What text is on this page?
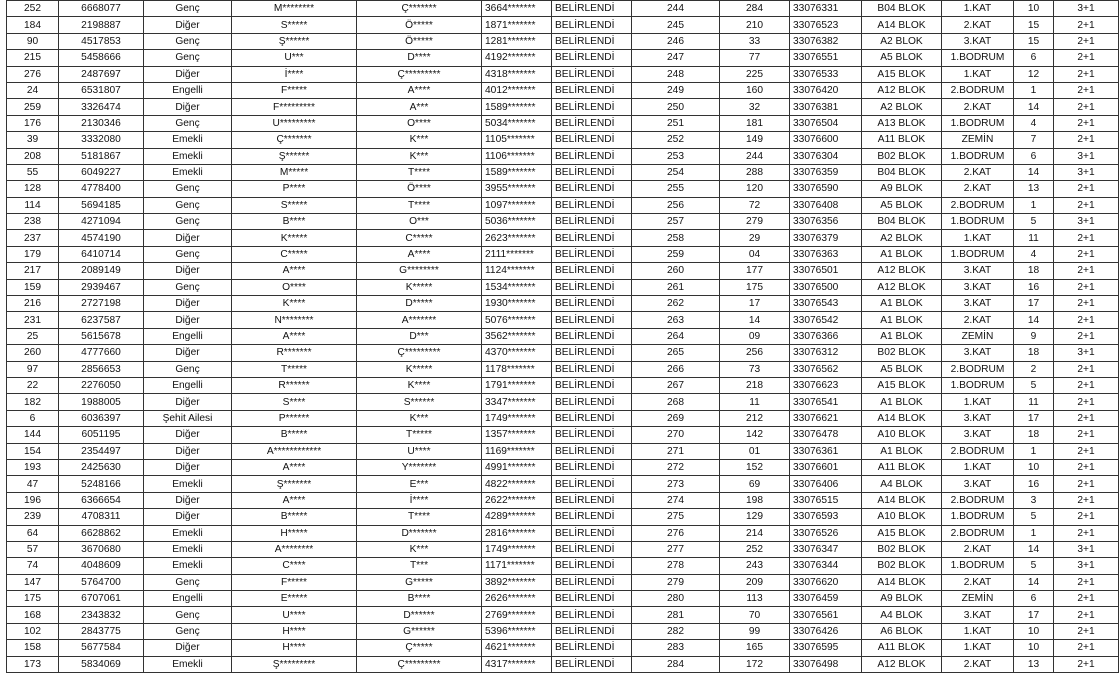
252	6668077	Genç	M********	Ç*******	3664*******	BELİRLENDİ	244	284	33076331	B04 BLOK	1.KAT	10	3+1
184	2198887	Diğer	S*****	Ö*****	1871*******	BELİRLENDİ	245	210	33076523	A14 BLOK	2.KAT	15	2+1
90	4517853	Genç	Ş******	Ö*****	1281*******	BELİRLENDİ	246	33	33076382	A2 BLOK	3.KAT	15	2+1
215	5458666	Genç	U***	D****	4192*******	BELİRLENDİ	247	77	33076551	A5 BLOK	1.BODRUM	6	2+1
276	2487697	Diğer	İ****	Ç*********	4318*******	BELİRLENDİ	248	225	33076533	A15 BLOK	1.KAT	12	2+1
24	6531807	Engelli	F*****	A****	4012*******	BELİRLENDİ	249	160	33076420	A12 BLOK	2.BODRUM	1	2+1
259	3326474	Diğer	F*********	A***	1589*******	BELİRLENDİ	250	32	33076381	A2 BLOK	2.KAT	14	2+1
176	2130346	Genç	U*********	O****	5034*******	BELİRLENDİ	251	181	33076504	A13 BLOK	1.BODRUM	4	2+1
39	3332080	Emekli	Ç*******	K***	1105*******	BELİRLENDİ	252	149	33076600	A11 BLOK	ZEMİN	7	2+1
208	5181867	Emekli	Ş******	K***	1106*******	BELİRLENDİ	253	244	33076304	B02 BLOK	1.BODRUM	6	3+1
55	6049227	Emekli	M*****	T****	1589*******	BELİRLENDİ	254	288	33076359	B04 BLOK	2.KAT	14	3+1
128	4778400	Genç	P****	Ö****	3955*******	BELİRLENDİ	255	120	33076590	A9 BLOK	2.KAT	13	2+1
114	5694185	Genç	S*****	T****	1097*******	BELİRLENDİ	256	72	33076408	A5 BLOK	2.BODRUM	1	2+1
238	4271094	Genç	B****	O***	5036*******	BELİRLENDİ	257	279	33076356	B04 BLOK	1.BODRUM	5	3+1
237	4574190	Diğer	K*****	C*****	2623*******	BELİRLENDİ	258	29	33076379	A2 BLOK	1.KAT	11	2+1
179	6410714	Genç	C*****	A****	2111*******	BELİRLENDİ	259	04	33076363	A1 BLOK	1.BODRUM	4	2+1
217	2089149	Diğer	A****	G********	1124*******	BELİRLENDİ	260	177	33076501	A12 BLOK	3.KAT	18	2+1
159	2939467	Genç	O****	K*****	1534*******	BELİRLENDİ	261	175	33076500	A12 BLOK	3.KAT	16	2+1
216	2727198	Diğer	K****	D*****	1930*******	BELİRLENDİ	262	17	33076543	A1 BLOK	3.KAT	17	2+1
231	6237587	Diğer	N********	A*******	5076*******	BELİRLENDİ	263	14	33076542	A1 BLOK	2.KAT	14	2+1
25	5615678	Engelli	A****	D***	3562*******	BELİRLENDİ	264	09	33076366	A1 BLOK	ZEMİN	9	2+1
260	4777660	Diğer	R*******	Ç*********	4370*******	BELİRLENDİ	265	256	33076312	B02 BLOK	3.KAT	18	3+1
97	2856653	Genç	T*****	K*****	1178*******	BELİRLENDİ	266	73	33076562	A5 BLOK	2.BODRUM	2	2+1
22	2276050	Engelli	R******	K****	1791*******	BELİRLENDİ	267	218	33076623	A15 BLOK	1.BODRUM	5	2+1
182	1988005	Diğer	S****	S******	3347*******	BELİRLENDİ	268	11	33076541	A1 BLOK	1.KAT	11	2+1
6	6036397	Şehit Ailesi	P******	K***	1749*******	BELİRLENDİ	269	212	33076621	A14 BLOK	3.KAT	17	2+1
144	6051195	Diğer	B*****	T*****	1357*******	BELİRLENDİ	270	142	33076478	A10 BLOK	3.KAT	18	2+1
154	2354497	Diğer	A************	U****	1169*******	BELİRLENDİ	271	01	33076361	A1 BLOK	2.BODRUM	1	2+1
193	2425630	Diğer	A****	Y*******	4991*******	BELİRLENDİ	272	152	33076601	A11 BLOK	1.KAT	10	2+1
47	5248166	Emekli	Ş*******	E***	4822*******	BELİRLENDİ	273	69	33076406	A4 BLOK	3.KAT	16	2+1
196	6366654	Diğer	A****	İ****	2622*******	BELİRLENDİ	274	198	33076515	A14 BLOK	2.BODRUM	3	2+1
239	4708311	Diğer	B*****	T****	4289*******	BELİRLENDİ	275	129	33076593	A10 BLOK	1.BODRUM	5	2+1
64	6628862	Emekli	H*****	D*******	2816*******	BELİRLENDİ	276	214	33076526	A15 BLOK	2.BODRUM	1	2+1
57	3670680	Emekli	A********	K***	1749*******	BELİRLENDİ	277	252	33076347	B02 BLOK	2.KAT	14	3+1
74	4048609	Emekli	C****	T***	1171*******	BELİRLENDİ	278	243	33076344	B02 BLOK	1.BODRUM	5	3+1
147	5764700	Genç	F*****	G*****	3892*******	BELİRLENDİ	279	209	33076620	A14 BLOK	2.KAT	14	2+1
175	6707061	Engelli	E*****	B****	2626*******	BELİRLENDİ	280	113	33076459	A9 BLOK	ZEMİN	6	2+1
168	2343832	Genç	U****	D******	2769*******	BELİRLENDİ	281	70	33076561	A4 BLOK	3.KAT	17	2+1
102	2843775	Genç	H****	G******	5396*******	BELİRLENDİ	282	99	33076426	A6 BLOK	1.KAT	10	2+1
158	5677584	Diğer	H****	Ç*****	4621*******	BELİRLENDİ	283	165	33076595	A11 BLOK	1.KAT	10	2+1
173	5834069	Emekli	Ş*********	Ç*********	4317*******	BELİRLENDİ	284	172	33076498	A12 BLOK	2.KAT	13	2+1
